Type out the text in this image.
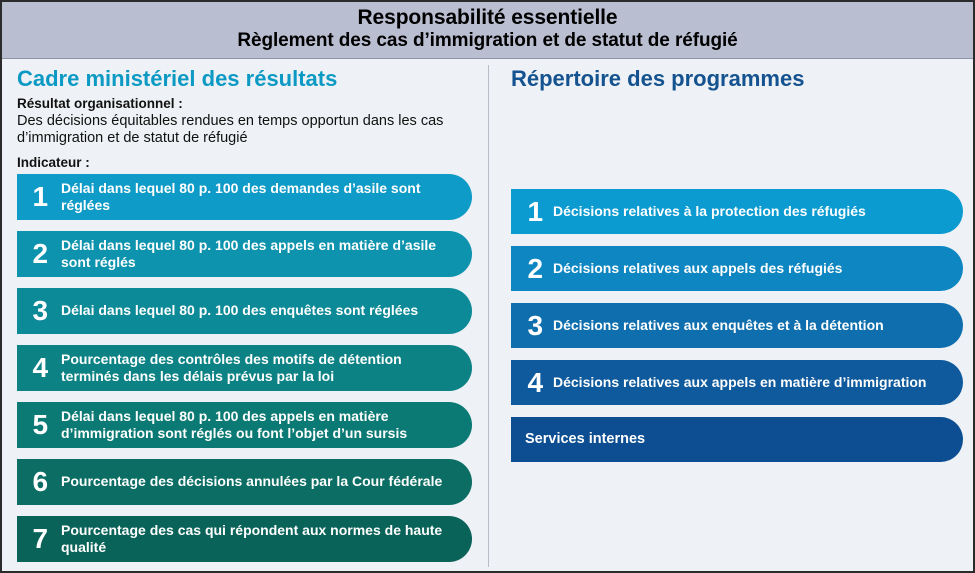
Responsabilité essentielle
Règlement des cas d’immigration et de statut de réfugié
Cadre ministériel des résultats
Résultat organisationnel :
Des décisions équitables rendues en temps opportun dans les cas d’immigration et de statut de réfugié
Indicateur :
1 Délai dans lequel 80 p. 100 des demandes d’asile sont réglées
2 Délai dans lequel 80 p. 100 des appels en matière d’asile sont réglés
3 Délai dans lequel 80 p. 100 des enquêtes sont réglées
4 Pourcentage des contrôles des motifs de détention terminés dans les délais prévus par la loi
5 Délai dans lequel 80 p. 100 des appels en matière d’immigration sont réglés ou font l’objet d’un sursis
6 Pourcentage des décisions annulées par la Cour fédérale
7 Pourcentage des cas qui répondent aux normes de haute qualité
Répertoire des programmes
1 Décisions relatives à la protection des réfugiés
2 Décisions relatives aux appels des réfugiés
3 Décisions relatives aux enquêtes et à la détention
4 Décisions relatives aux appels en matière d’immigration
Services internes
